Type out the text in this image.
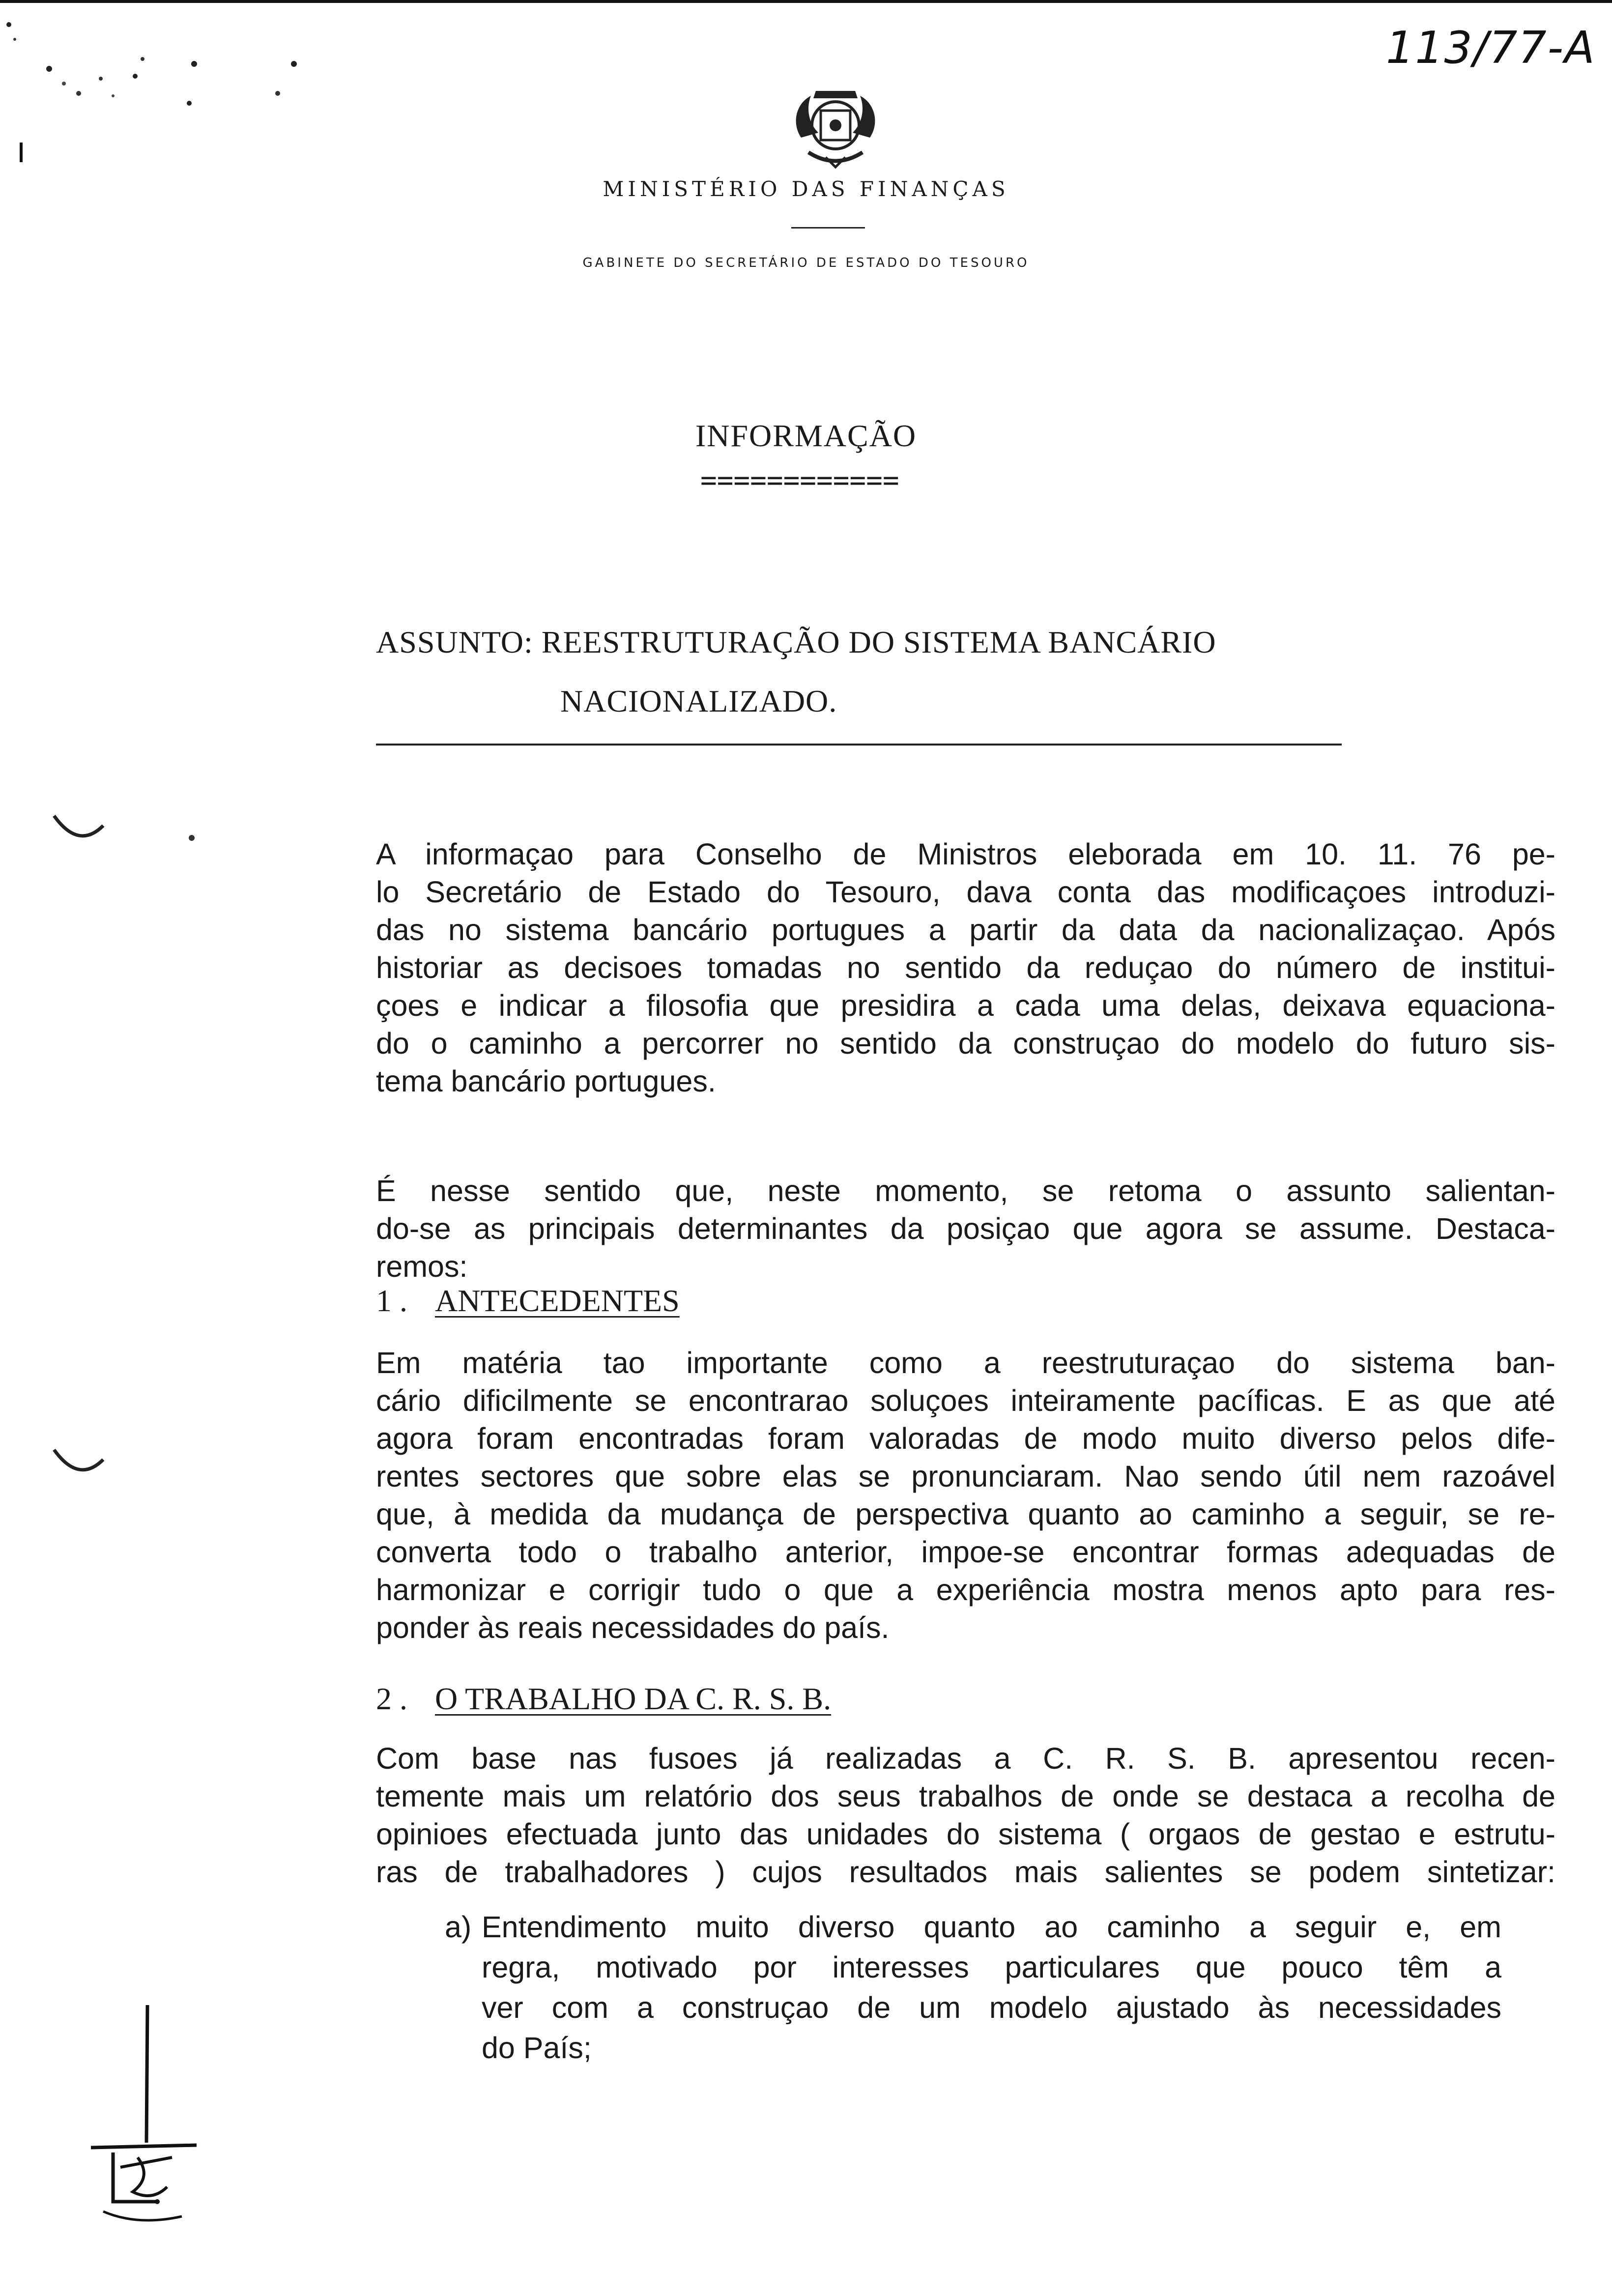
113/77-A
MINISTÉRIO DAS FINANÇAS
GABINETE DO SECRETÁRIO DE ESTADO DO TESOURO
INFORMAÇÃO
============
ASSUNTO: REESTRUTURAÇÃO DO SISTEMA BANCÁRIO
NACIONALIZADO.
A informaçao para Conselho de Ministros eleborada em 10. 11. 76 pe-
lo Secretário de Estado do Tesouro, dava conta das modificaçoes introduzi-
das no sistema bancário portugues a partir da data da nacionalizaçao. Após
historiar as decisoes tomadas no sentido da reduçao do número de institui-
çoes e indicar a filosofia que presidira a cada uma delas, deixava equaciona-
do o caminho a percorrer no sentido da construçao do modelo do futuro sis-
tema bancário portugues.
É nesse sentido que, neste momento, se retoma o assunto salientan-
do-se as principais determinantes da posiçao que agora se assume. Destaca-
remos:
1 . ANTECEDENTES
Em matéria tao importante como a reestruturaçao do sistema ban-
cário dificilmente se encontrarao soluçoes inteiramente pacíficas. E as que até
agora foram encontradas foram valoradas de modo muito diverso pelos dife-
rentes sectores que sobre elas se pronunciaram. Nao sendo útil nem razoável
que, à medida da mudança de perspectiva quanto ao caminho a seguir, se re-
converta todo o trabalho anterior, impoe-se encontrar formas adequadas de
harmonizar e corrigir tudo o que a experiência mostra menos apto para res-
ponder às reais necessidades do país.
2 . O TRABALHO DA C. R. S. B.
Com base nas fusoes já realizadas a C. R. S. B. apresentou recen-
temente mais um relatório dos seus trabalhos de onde se destaca a recolha de
opinioes efectuada junto das unidades do sistema ( orgaos de gestao e estrutu-
ras de trabalhadores ) cujos resultados mais salientes se podem sintetizar:
a) Entendimento muito diverso quanto ao caminho a seguir e, em
regra, motivado por interesses particulares que pouco têm a
ver com a construçao de um modelo ajustado às necessidades
do País;
